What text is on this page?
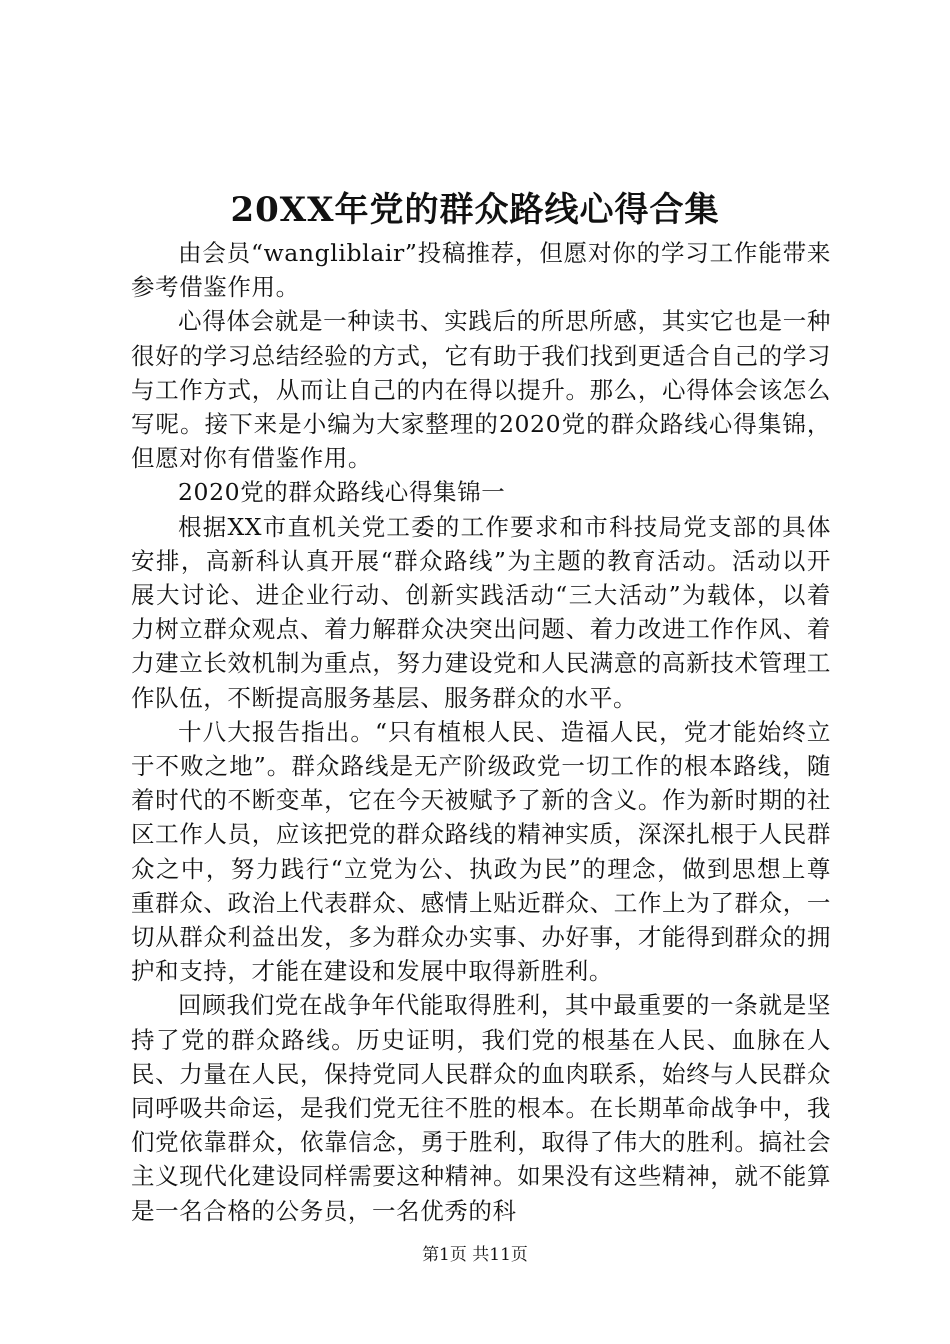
20XX年党的群众路线心得合集

由会员“wangliblair”投稿推荐，但愿对你的学习工作能带来参考借鉴作用。

心得体会就是一种读书、实践后的所思所感，其实它也是一种很好的学习总结经验的方式，它有助于我们找到更适合自己的学习与工作方式，从而让自己的内在得以提升。那么，心得体会该怎么写呢。接下来是小编为大家整理的2020党的群众路线心得集锦，但愿对你有借鉴作用。

2020党的群众路线心得集锦一

根据XX市直机关党工委的工作要求和市科技局党支部的具体安排，高新科认真开展“群众路线”为主题的教育活动。活动以开展大讨论、进企业行动、创新实践活动“三大活动”为载体，以着力树立群众观点、着力解群众决突出问题、着力改进工作作风、着力建立长效机制为重点，努力建设党和人民满意的高新技术管理工作队伍，不断提高服务基层、服务群众的水平。

十八大报告指出。“只有植根人民、造福人民，党才能始终立于不败之地”。群众路线是无产阶级政党一切工作的根本路线，随着时代的不断变革，它在今天被赋予了新的含义。作为新时期的社区工作人员，应该把党的群众路线的精神实质，深深扎根于人民群众之中，努力践行“立党为公、执政为民”的理念，做到思想上尊重群众、政治上代表群众、感情上贴近群众、工作上为了群众，一切从群众利益出发，多为群众办实事、办好事，才能得到群众的拥护和支持，才能在建设和发展中取得新胜利。

回顾我们党在战争年代能取得胜利，其中最重要的一条就是坚持了党的群众路线。历史证明，我们党的根基在人民、血脉在人民、力量在人民，保持党同人民群众的血肉联系，始终与人民群众同呼吸共命运，是我们党无往不胜的根本。在长期革命战争中，我们党依靠群众，依靠信念，勇于胜利，取得了伟大的胜利。搞社会主义现代化建设同样需要这种精神。如果没有这些精神，就不能算是一名合格的公务员，一名优秀的科

第1页 共11页
